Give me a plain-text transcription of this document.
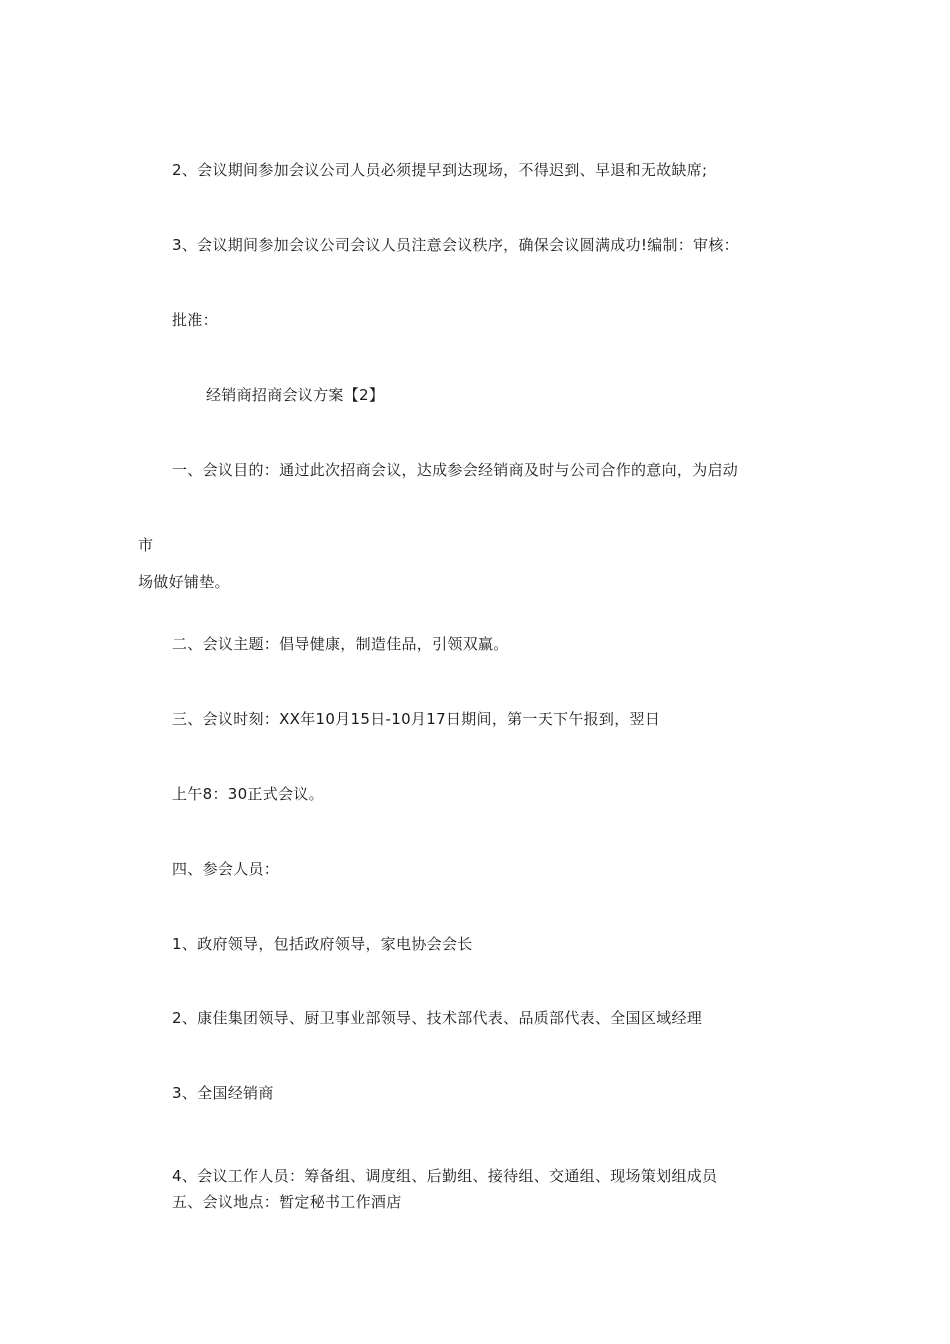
2、会议期间参加会议公司人员必须提早到达现场，不得迟到、早退和无故缺席;
3、会议期间参加会议公司会议人员注意会议秩序，确保会议圆满成功!编制：审核：
批准：
经销商招商会议方案【2】
一、会议目的：通过此次招商会议，达成参会经销商及时与公司合作的意向，为启动
市
场做好铺垫。
二、会议主题：倡导健康，制造佳品，引领双赢。
三、会议时刻：XX年10月15日-10月17日期间，第一天下午报到，翌日
上午8：30正式会议。
四、参会人员：
1、政府领导，包括政府领导，家电协会会长
2、康佳集团领导、厨卫事业部领导、技术部代表、品质部代表、全国区域经理
3、全国经销商
4、会议工作人员：筹备组、调度组、后勤组、接待组、交通组、现场策划组成员
五、会议地点：暂定秘书工作酒店
